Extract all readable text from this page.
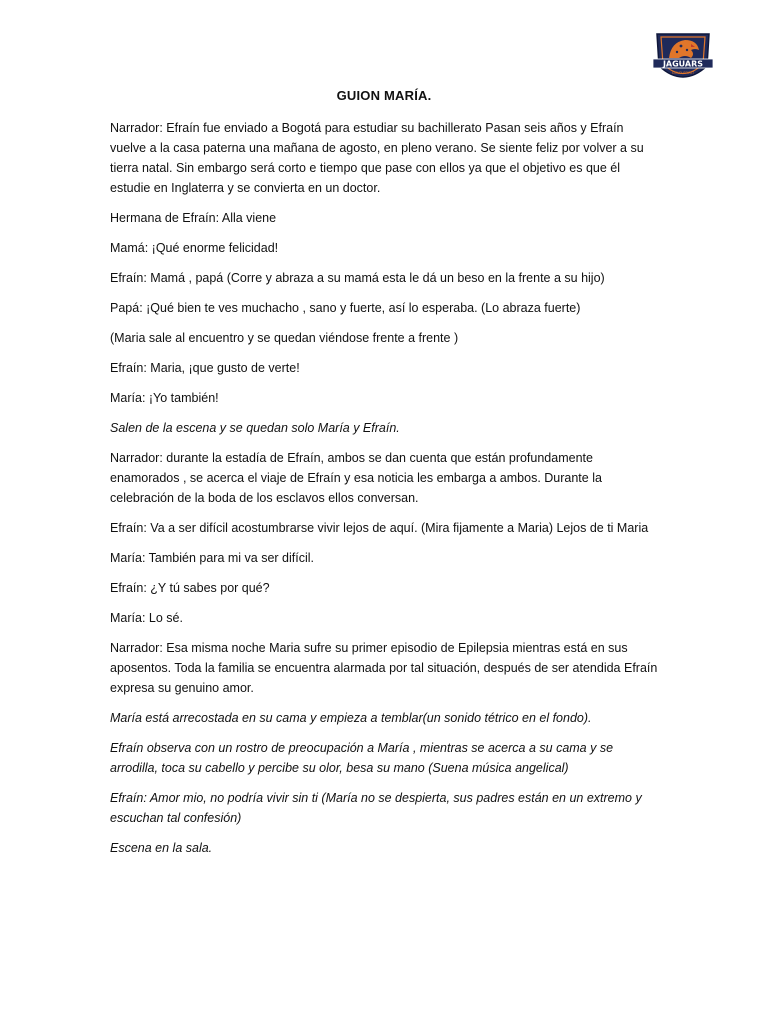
JAGUARS
GOLD SPIRIT
GUION MARÍA.

Narrador: Efraín fue enviado a Bogotá para estudiar su bachillerato Pasan seis años y Efraín vuelve a la casa paterna una mañana de agosto, en pleno verano. Se siente feliz por volver a su tierra natal. Sin embargo será corto e tiempo que pase con ellos ya que el objetivo es que él estudie en Inglaterra y se convierta en un doctor.

Hermana de Efraín: Alla viene

Mamá: ¡Qué enorme felicidad!

Efraín: Mamá , papá (Corre y abraza a su mamá esta le dá un beso en la frente a su hijo)

Papá: ¡Qué bien te ves muchacho , sano y fuerte, así lo esperaba. (Lo abraza fuerte)

(Maria sale al encuentro y se quedan viéndose frente a frente )

Efraín: Maria, ¡que gusto de verte!

María: ¡Yo también!

Salen de la escena y se quedan solo María y Efraín.

Narrador: durante la estadía de Efraín, ambos se dan cuenta que están profundamente enamorados , se acerca el viaje de Efraín y esa noticia les embarga a ambos. Durante la celebración de la boda de los esclavos ellos conversan.

Efraín: Va a ser difícil acostumbrarse vivir lejos de aquí. (Mira fijamente a Maria) Lejos de ti Maria

María: También para mi va ser difícil.

Efraín: ¿Y tú sabes por qué?

María: Lo sé.

Narrador: Esa misma noche Maria sufre su primer episodio de Epilepsia mientras está en sus aposentos. Toda la familia se encuentra alarmada por tal situación, después de ser atendida Efraín expresa su genuino amor.

María está arrecostada en su cama y empieza a temblar(un sonido tétrico en el fondo).

Efraín observa con un rostro de preocupación a María , mientras se acerca a su cama y se arrodilla, toca su cabello y percibe su olor, besa su mano (Suena música angelical)

Efraín: Amor mio, no podría vivir sin ti (María no se despierta, sus padres están en un extremo y escuchan tal confesión)

Escena en la sala.
